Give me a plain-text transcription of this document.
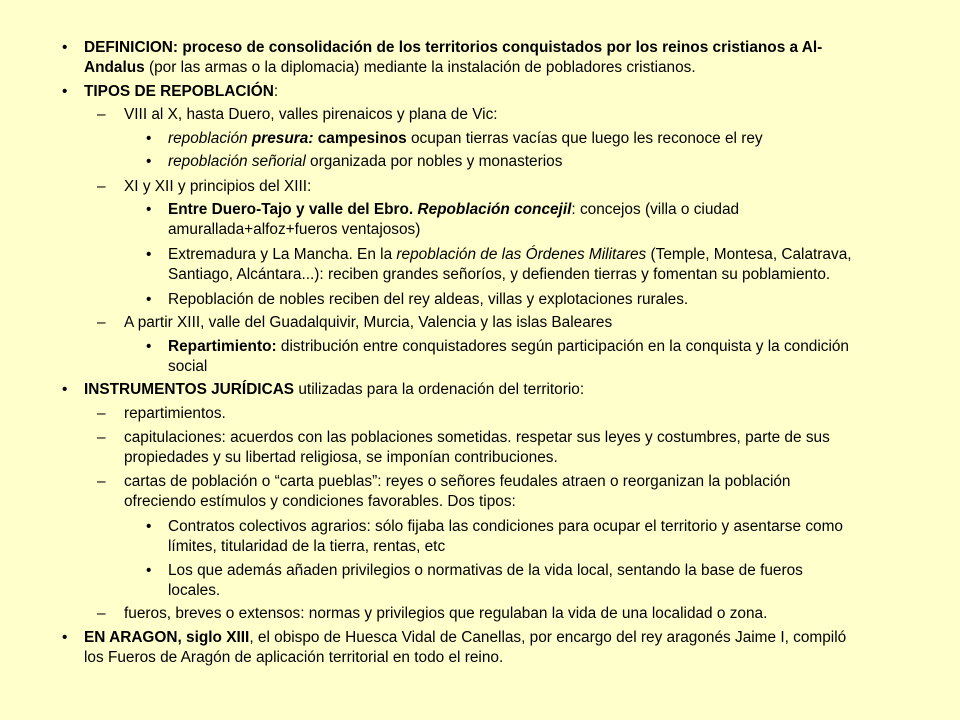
• DEFINICION: proceso de consolidación de los territorios conquistados por los reinos cristianos a Al-
Andalus (por las armas o la diplomacia) mediante la instalación de pobladores cristianos.
• TIPOS DE REPOBLACIÓN:
– VIII al X, hasta Duero, valles pirenaicos y plana de Vic:
• repoblación presura: campesinos ocupan tierras vacías que luego les reconoce el rey
• repoblación señorial organizada por nobles y monasterios
– XI y XII y principios del XIII:
• Entre Duero-Tajo y valle del Ebro. Repoblación concejil: concejos (villa o ciudad
amurallada+alfoz+fueros ventajosos)
• Extremadura y La Mancha. En la repoblación de las Órdenes Militares (Temple, Montesa, Calatrava,
Santiago, Alcántara...): reciben grandes señoríos, y defienden tierras y fomentan su poblamiento.
• Repoblación de nobles reciben del rey aldeas, villas y explotaciones rurales.
– A partir XIII, valle del Guadalquivir, Murcia, Valencia y las islas Baleares
• Repartimiento: distribución entre conquistadores según participación en la conquista y la condición
social
• INSTRUMENTOS JURÍDICAS utilizadas para la ordenación del territorio:
– repartimientos.
– capitulaciones: acuerdos con las poblaciones sometidas. respetar sus leyes y costumbres, parte de sus
propiedades y su libertad religiosa, se imponían contribuciones.
– cartas de población o “carta pueblas”: reyes o señores feudales atraen o reorganizan la población
ofreciendo estímulos y condiciones favorables. Dos tipos:
• Contratos colectivos agrarios: sólo fijaba las condiciones para ocupar el territorio y asentarse como
límites, titularidad de la tierra, rentas, etc
• Los que además añaden privilegios o normativas de la vida local, sentando la base de fueros
locales.
– fueros, breves o extensos: normas y privilegios que regulaban la vida de una localidad o zona.
• EN ARAGON, siglo XIII, el obispo de Huesca Vidal de Canellas, por encargo del rey aragonés Jaime I, compiló
los Fueros de Aragón de aplicación territorial en todo el reino.
